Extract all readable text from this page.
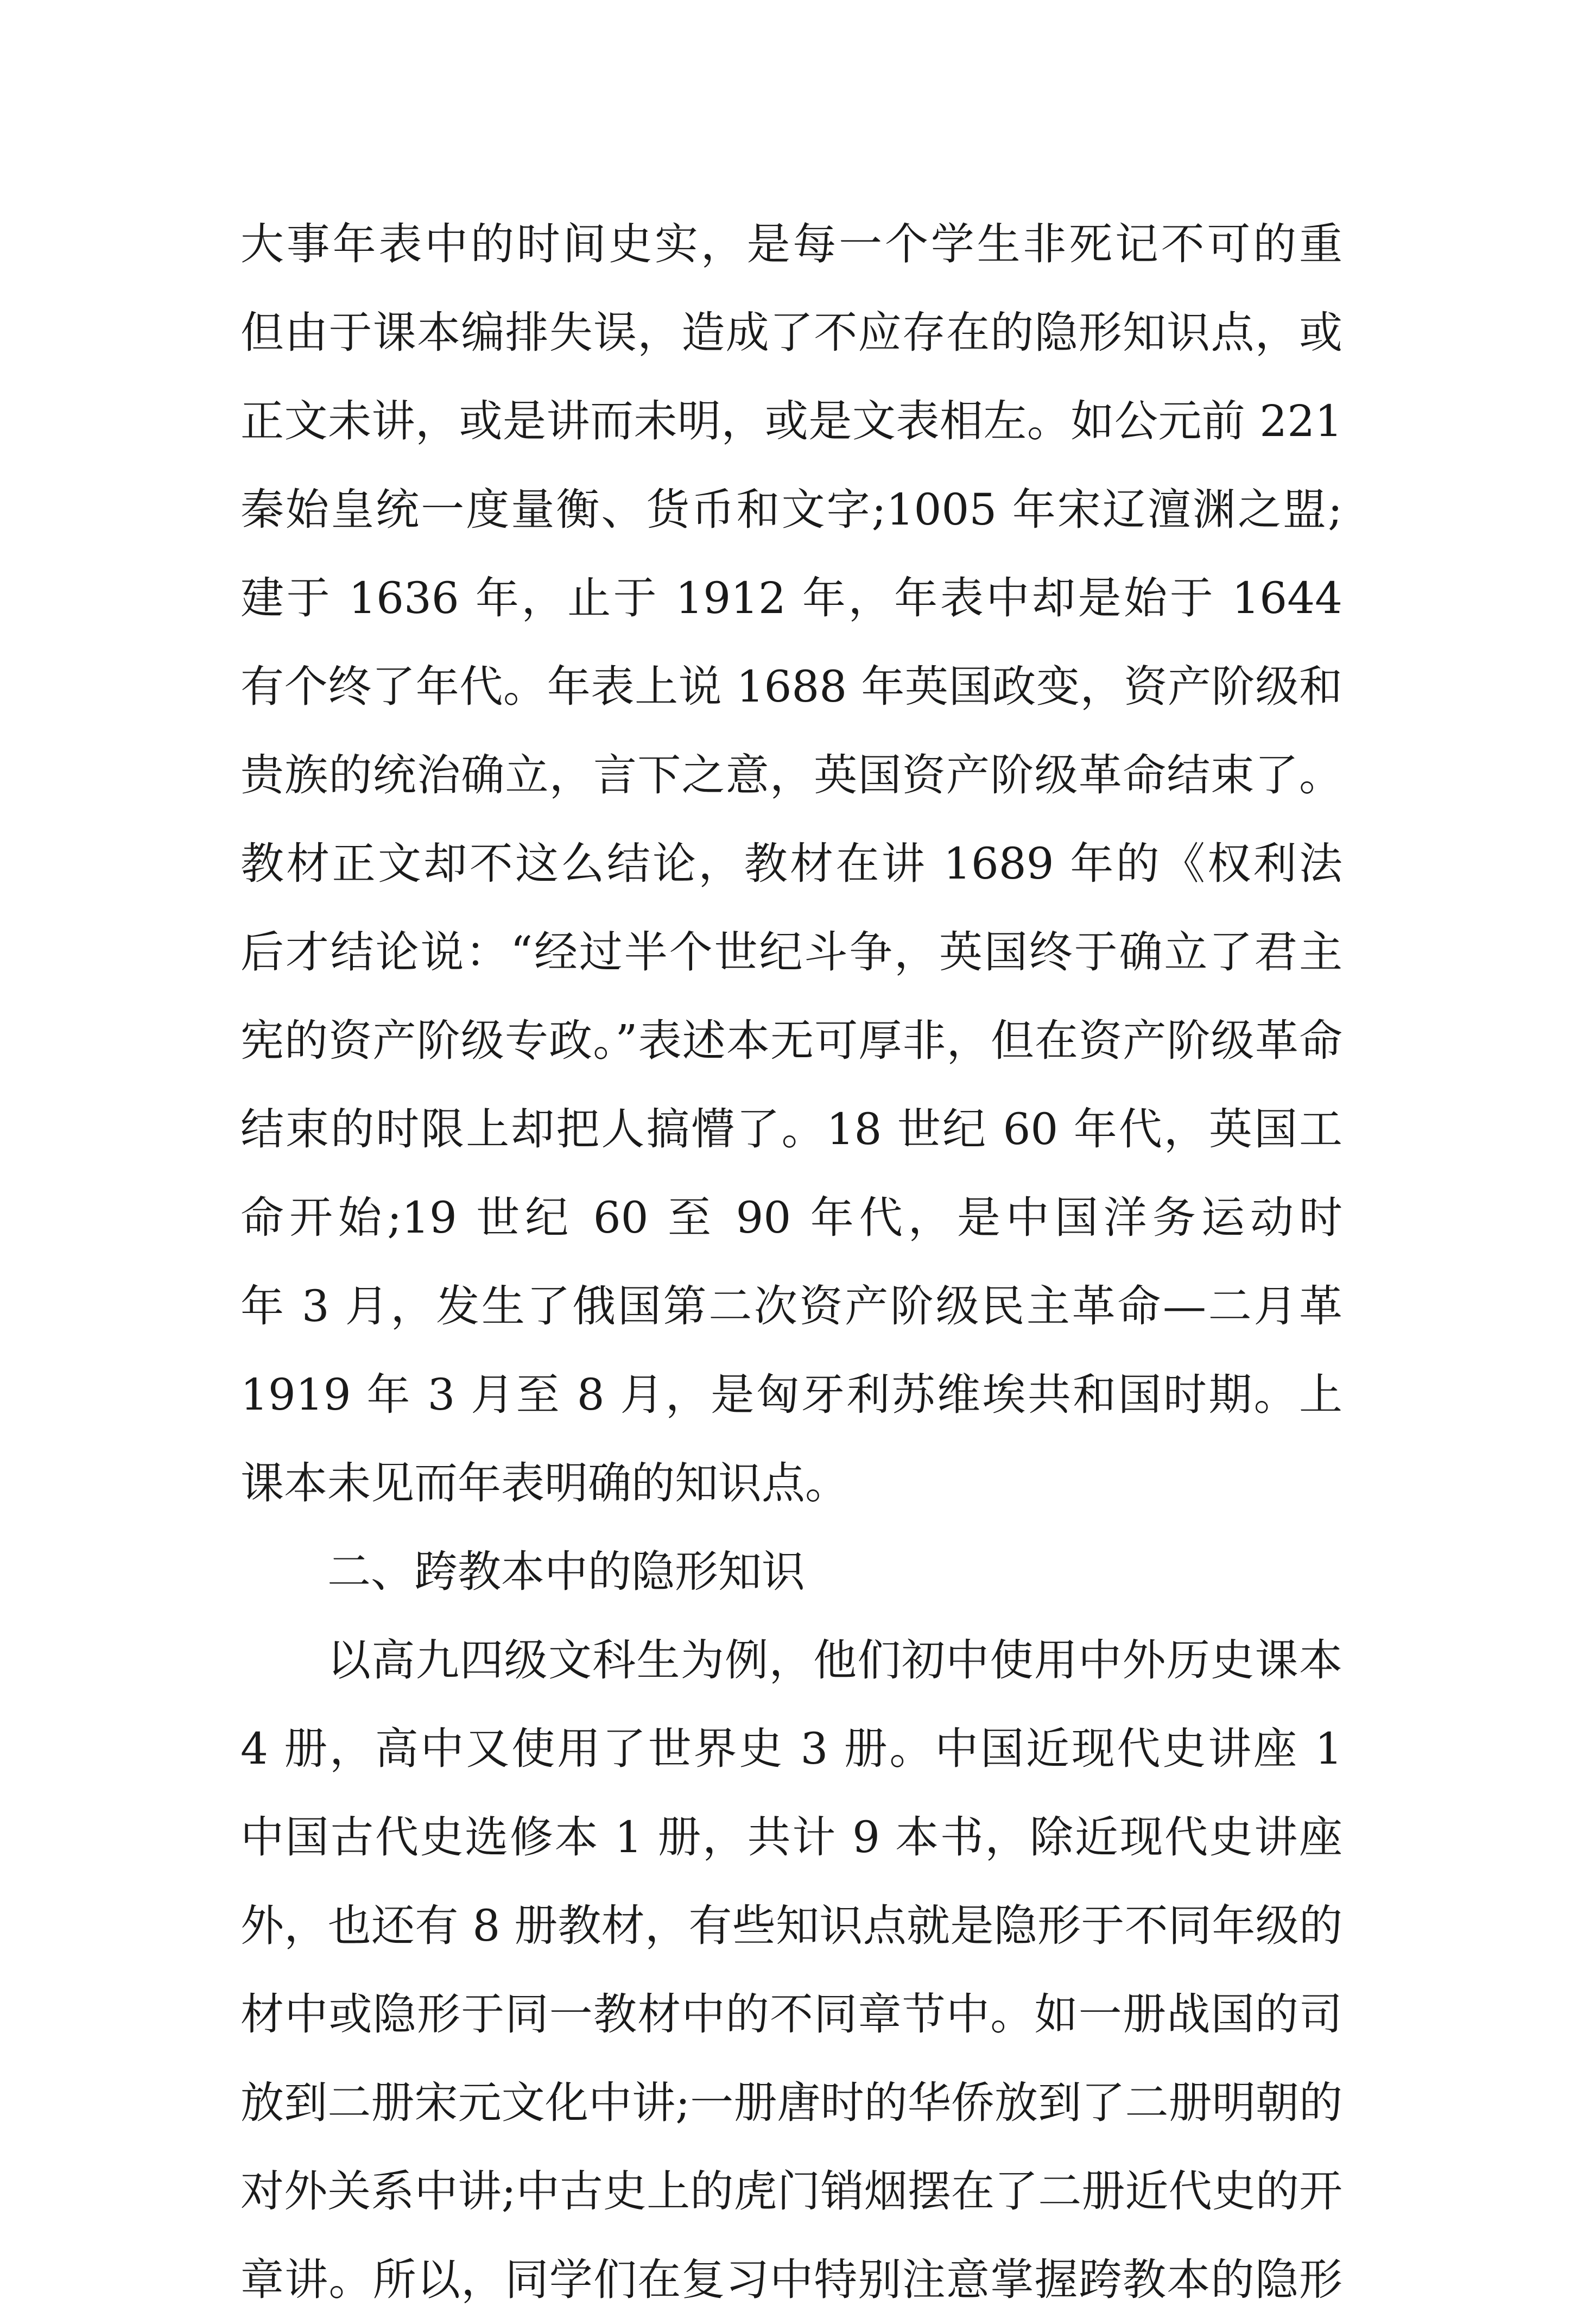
大事年表中的时间史实，是每一个学生非死记不可的重
但由于课本编排失误，造成了不应存在的隐形知识点，或
正文未讲，或是讲而未明，或是文表相左。如公元前 221
秦始皇统一度量衡、货币和文字;1005 年宋辽澶渊之盟;
建于 1636 年，止于 1912 年，年表中却是始于 1644
有个终了年代。年表上说 1688 年英国政变，资产阶级和
贵族的统治确立，言下之意，英国资产阶级革命结束了。
教材正文却不这么结论，教材在讲 1689 年的《权利法
后才结论说：“经过半个世纪斗争，英国终于确立了君主
宪的资产阶级专政。”表述本无可厚非，但在资产阶级革命
结束的时限上却把人搞懵了。18 世纪 60 年代，英国工
命开始;19 世纪 60 至 90 年代，是中国洋务运动时
年 3 月，发生了俄国第二次资产阶级民主革命—二月革
1919 年 3 月至 8 月，是匈牙利苏维埃共和国时期。上
课本未见而年表明确的知识点。
二、跨教本中的隐形知识
以高九四级文科生为例，他们初中使用中外历史课本
4 册，高中又使用了世界史 3 册。中国近现代史讲座 1
中国古代史选修本 1 册，共计 9 本书，除近现代史讲座
外，也还有 8 册教材，有些知识点就是隐形于不同年级的
材中或隐形于同一教材中的不同章节中。如一册战国的司
放到二册宋元文化中讲;一册唐时的华侨放到了二册明朝的
对外关系中讲;中古史上的虎门销烟摆在了二册近代史的开
章讲。所以，同学们在复习中特别注意掌握跨教本的隐形
